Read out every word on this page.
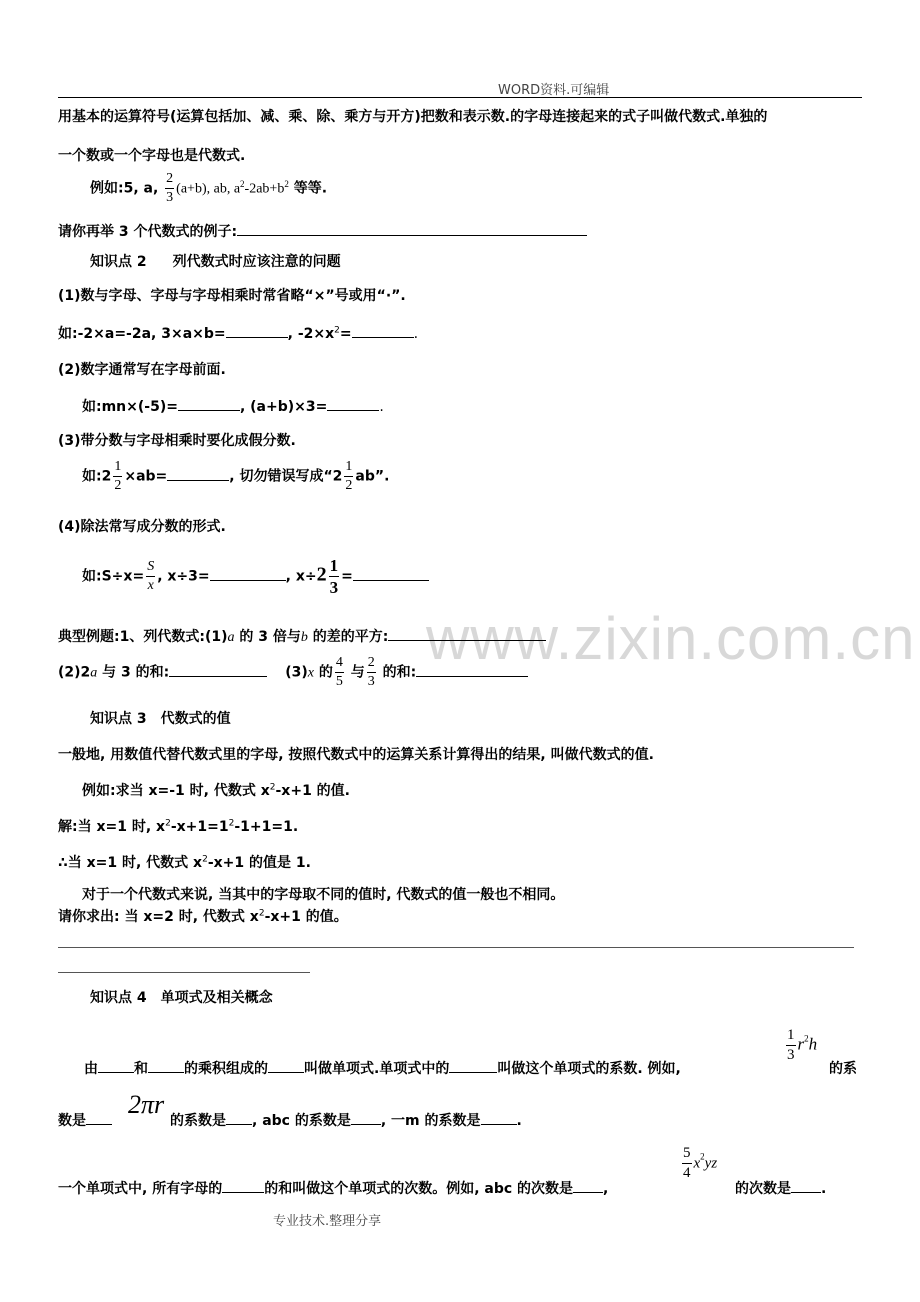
www.zixin.com.cn
WORD资料.可编辑
用基本的运算符号(运算包括加、减、乘、除、乘方与开方)把数和表示数.的字母连接起来的式子叫做代数式.单独的
一个数或一个字母也是代数式.
例如:5, a, $\frac{2}{3} (a+b)$, ab, $a^2-2ab+b^2$ 等等.
请你再举 3 个代数式的例子:
知识点 2 列代数式时应该注意的问题
(1)数与字母、字母与字母相乘时常省略“×”号或用“·”.
如:-2×a=-2a, 3×a×b=	, $-2\times x^2=$	.
(2)数字通常写在字母前面.
如:mn×(-5)=	, (a+b)×3=	.
(3)带分数与字母相乘时要化成假分数.
如:2 $\frac{1}{2} \times ab=$	, 切勿错误写成“$2 \frac{1}{2}$ ab”.
(4)除法常写成分数的形式.
如:S÷x= $\frac{S}{x}$ , x÷3=	, $x\div 2 \frac{1}{3}$ =
典型例题:1、列代数式:(1)a 的 3 倍与b 的差的平方:
(2)2a 与 3 的和:	(3)x 的 $\frac{4}{5}$ 与 $\frac{2}{3}$ 的和:
知识点 3 代数式的值
一般地, 用数值代替代数式里的字母, 按照代数式中的运算关系计算得出的结果, 叫做代数式的值.
例如:求当 x=-1 时, 代数式 $x^2-x+1$ 的值.
解:当 x=1 时, $x^2-x+1=1^2-1+1=1$.
∴当 x=1 时, 代数式 $x^2-x+1$ 的值是 1.
对于一个代数式来说, 当其中的字母取不同的值时, 代数式的值一般也不相同。
请你求出: 当 x=2 时, 代数式 $x^2-x+1$ 的值。
知识点 4 单项式及相关概念
由	和	的乘积组成的	叫做单项式.单项式中的	叫做这个单项式的系数. 例如,
$\frac{1}{3} r^2h$
的系
数是
2πr
的系数是 , abc 的系数是 , 一m 的系数是	.
一个单项式中, 所有字母的	的和叫做这个单项式的次数。例如, abc 的次数是 ,
$\frac{5}{4} x^2yz$
的次数是 .
专业技术.整理分享
